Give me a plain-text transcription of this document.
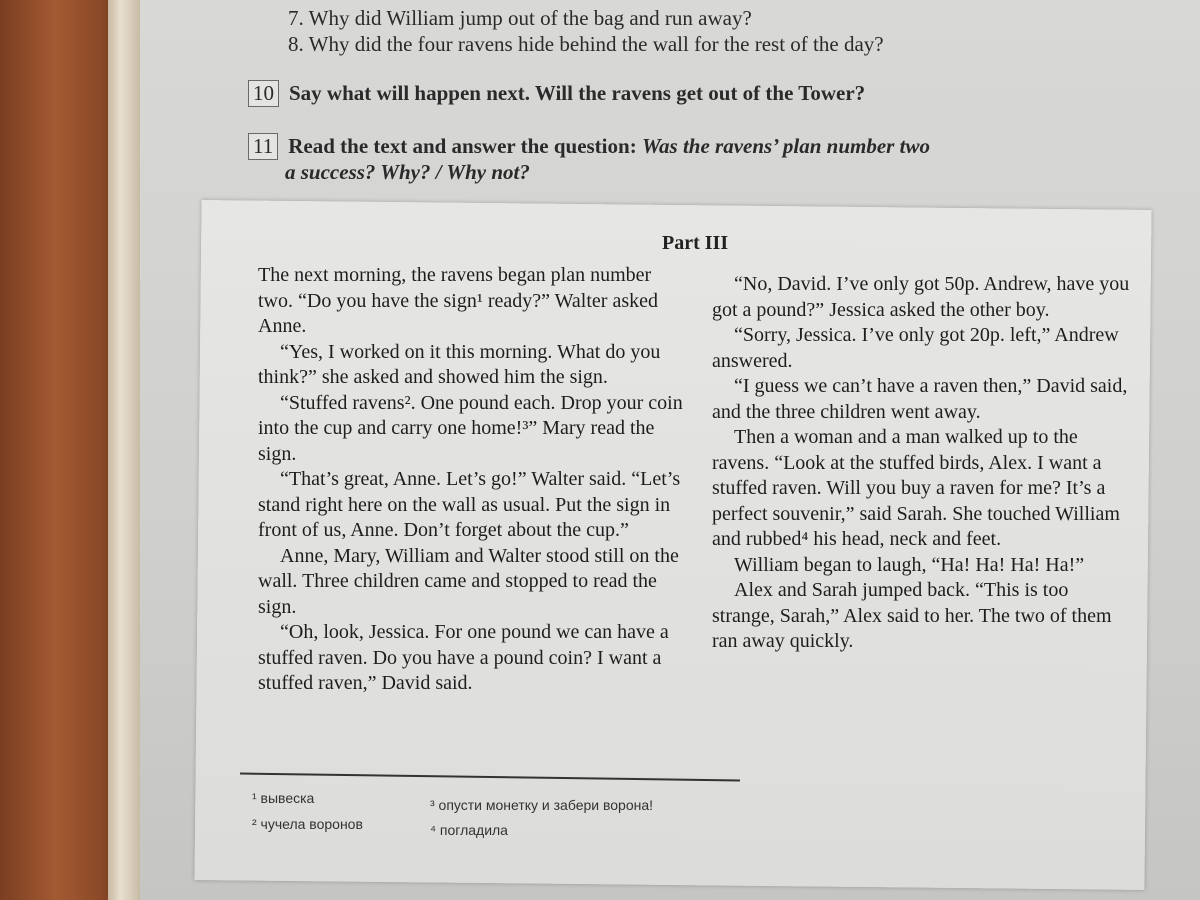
7. Why did William jump out of the bag and run away?
8. Why did the four ravens hide behind the wall for the rest of the day?
10 Say what will happen next. Will the ravens get out of the Tower?
11 Read the text and answer the question: Was the ravens’ plan number two
a success? Why? / Why not?
Part III

The next morning, the ravens began plan number two. “Do you have the sign¹ ready?” Walter asked Anne.

“Yes, I worked on it this morning. What do you think?” she asked and showed him the sign.

“Stuffed ravens². One pound each. Drop your coin into the cup and carry one home!³” Mary read the sign.

“That’s great, Anne. Let’s go!” Walter said. “Let’s stand right here on the wall as usual. Put the sign in front of us, Anne. Don’t forget about the cup.”

Anne, Mary, William and Walter stood still on the wall. Three children came and stopped to read the sign.

“Oh, look, Jessica. For one pound we can have a stuffed raven. Do you have a pound coin? I want a stuffed raven,” David said.

“No, David. I’ve only got 50p. Andrew, have you got a pound?” Jessica asked the other boy.

“Sorry, Jessica. I’ve only got 20p. left,” Andrew answered.

“I guess we can’t have a raven then,” David said, and the three children went away.

Then a woman and a man walked up to the ravens. “Look at the stuffed birds, Alex. I want a stuffed raven. Will you buy a raven for me? It’s a perfect souvenir,” said Sarah. She touched William and rubbed⁴ his head, neck and feet.

William began to laugh, “Ha! Ha! Ha! Ha!”

Alex and Sarah jumped back. “This is too strange, Sarah,” Alex said to her. The two of them ran away quickly.

¹ вывеска
² чучела воронов
³ опусти монетку и забери ворона!
⁴ погладила
